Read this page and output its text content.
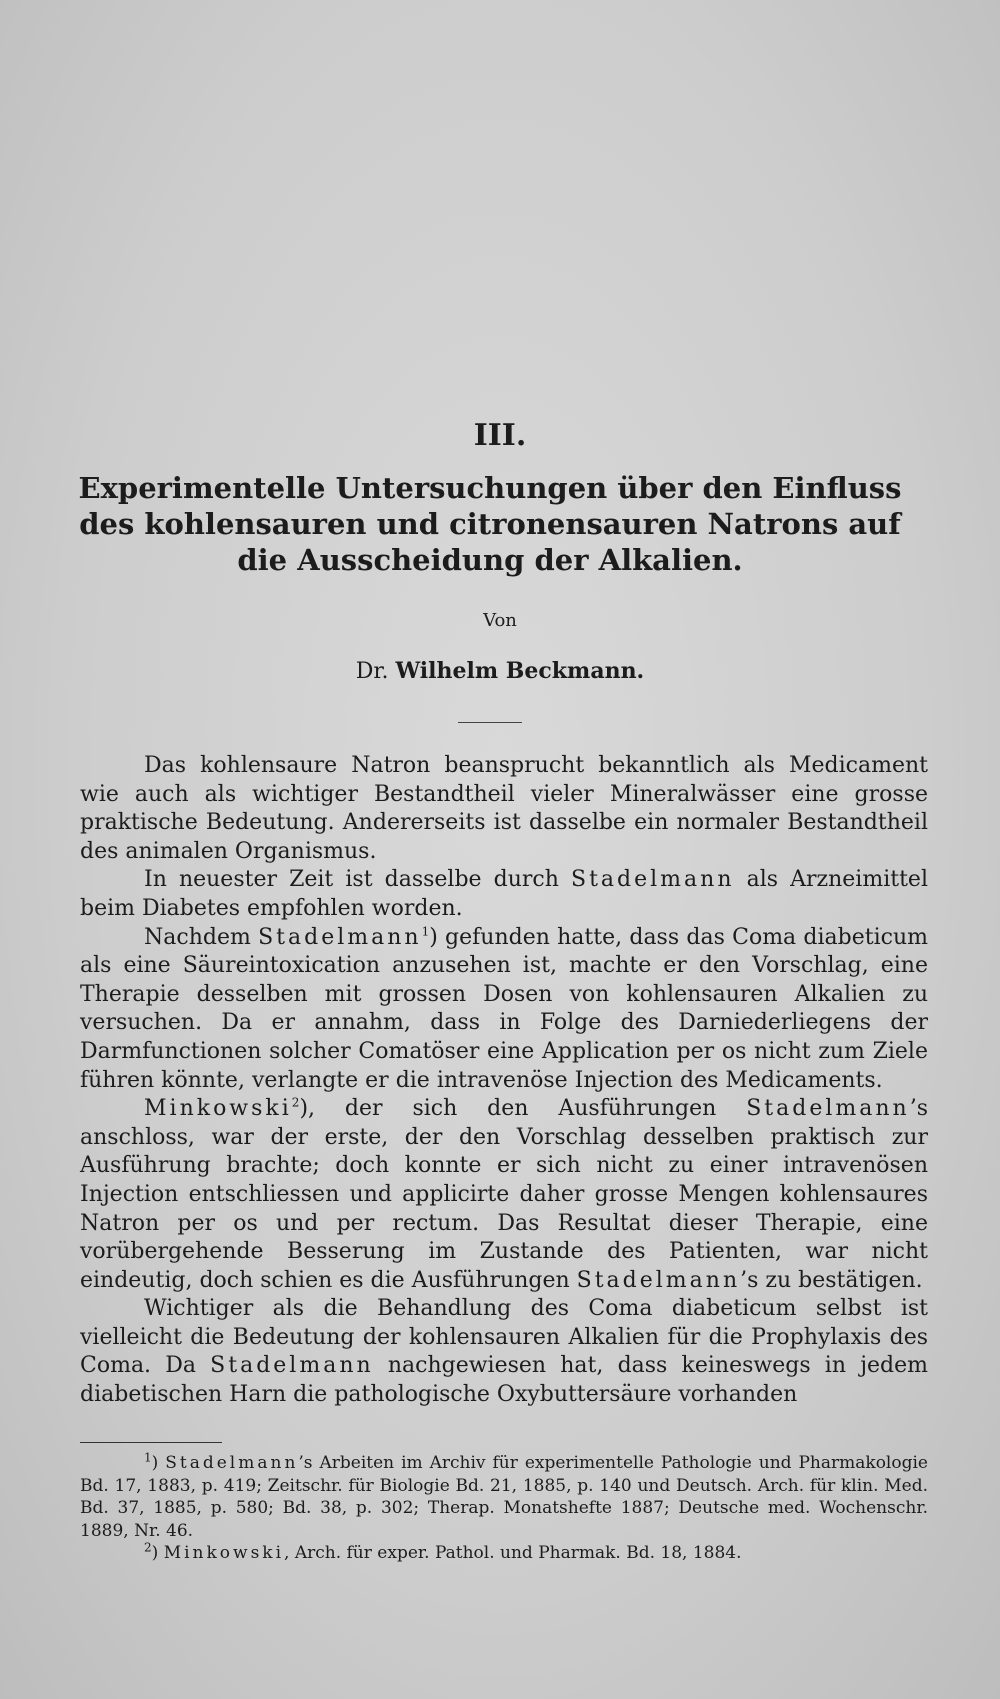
III.
Experimentelle Untersuchungen über den Einfluss des kohlensauren und citronensauren Natrons auf die Ausscheidung der Alkalien.
Von
Dr. Wilhelm Beckmann.

Das kohlensaure Natron beansprucht bekanntlich als Medicament wie auch als wichtiger Bestandtheil vieler Mineralwässer eine grosse praktische Bedeutung. Andererseits ist dasselbe ein normaler Bestandtheil des animalen Organismus.

In neuester Zeit ist dasselbe durch Stadelmann als Arzneimittel beim Diabetes empfohlen worden.

Nachdem Stadelmann$^1$) gefunden hatte, dass das Coma diabeticum als eine Säureintoxication anzusehen ist, machte er den Vorschlag, eine Therapie desselben mit grossen Dosen von kohlensauren Alkalien zu versuchen. Da er annahm, dass in Folge des Darniederliegens der Darmfunctionen solcher Comatöser eine Application per os nicht zum Ziele führen könnte, verlangte er die intravenöse Injection des Medicaments.

Minkowski$^2$), der sich den Ausführungen Stadelmann’s anschloss, war der erste, der den Vorschlag desselben praktisch zur Ausführung brachte; doch konnte er sich nicht zu einer intravenösen Injection entschliessen und applicirte daher grosse Mengen kohlensaures Natron per os und per rectum. Das Resultat dieser Therapie, eine vorübergehende Besserung im Zustande des Patienten, war nicht eindeutig, doch schien es die Ausführungen Stadelmann’s zu bestätigen.

Wichtiger als die Behandlung des Coma diabeticum selbst ist vielleicht die Bedeutung der kohlensauren Alkalien für die Prophylaxis des Coma. Da Stadelmann nachgewiesen hat, dass keineswegs in jedem diabetischen Harn die pathologische Oxybuttersäure vorhanden

$^1$) Stadelmann’s Arbeiten im Archiv für experimentelle Pathologie und Pharmakologie Bd. 17, 1883, p. 419; Zeitschr. für Biologie Bd. 21, 1885, p. 140 und Deutsch. Arch. für klin. Med. Bd. 37, 1885, p. 580; Bd. 38, p. 302; Therap. Monatshefte 1887; Deutsche med. Wochenschr. 1889, Nr. 46.

$^2$) Minkowski, Arch. für exper. Pathol. und Pharmak. Bd. 18, 1884.
